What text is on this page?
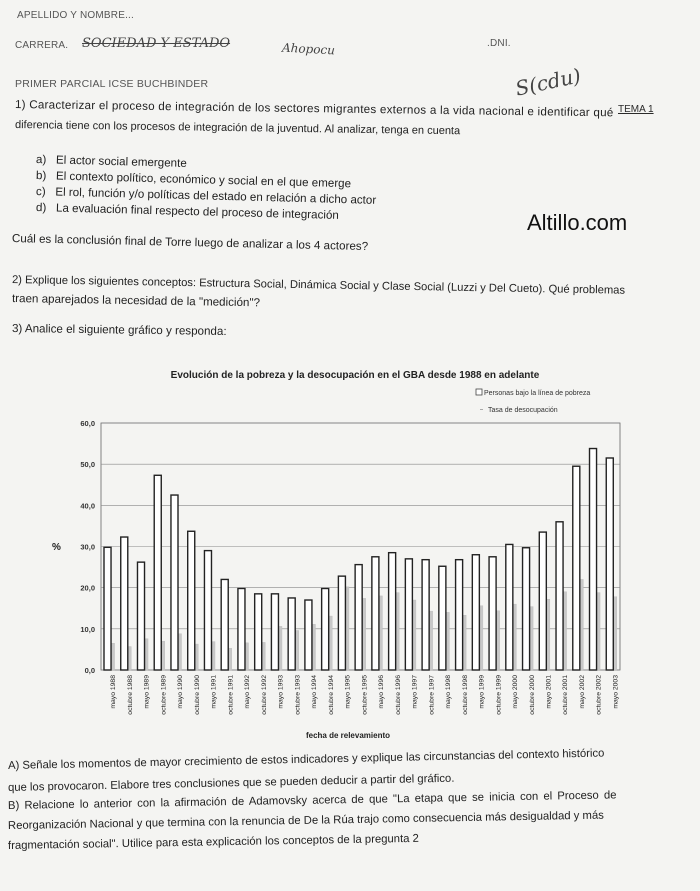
APELLIDO Y NOMBRE...
CARRERA. SOCIEDAD Y ESTADO	Ahopocu	.DNI.
PRIMER PARCIAL ICSE BUCHBINDER	S(cdu)
TEMA 1
1) Caracterizar el proceso de integración de los sectores migrantes externos a la vida nacional e identificar qué
diferencia tiene con los procesos de integración de la juventud. Al analizar, tenga en cuenta
a) El actor social emergente
b) El contexto político, económico y social en el que emerge
c) El rol, función y/o políticas del estado en relación a dicho actor
d) La evaluación final respecto del proceso de integración
Cuál es la conclusión final de Torre luego de analizar a los 4 actores?
Altillo.com
2) Explique los siguientes conceptos: Estructura Social, Dinámica Social y Clase Social (Luzzi y Del Cueto). Qué problemas
traen aparejados la necesidad de la "medición"?
3) Analice el siguiente gráfico y responda:
Evolución de la pobreza y la desocupación en el GBA desde 1988 en adelante
Personas bajo la línea de pobreza
Tasa de desocupación
%
fecha de relevamiento
0,0
10,0
20,0
30,0
40,0
50,0
60,0
mayo 1988 octubre 1988 mayo 1989 octubre 1989 mayo 1990 octubre 1990 mayo 1991 octubre 1991 mayo 1992 octubre 1992 mayo 1993 octubre 1993 mayo 1994 octubre 1994 mayo 1995 octubre 1995 mayo 1996 octubre 1996 mayo 1997 octubre 1997 mayo 1998 octubre 1998 mayo 1999 octubre 1999 mayo 2000 octubre 2000 mayo 2001 octubre 2001 mayo 2002 octubre 2002 mayo 2003
A) Señale los momentos de mayor crecimiento de estos indicadores y explique las circunstancias del contexto histórico
que los provocaron. Elabore tres conclusiones que se pueden deducir a partir del gráfico.
B) Relacione lo anterior con la afirmación de Adamovsky acerca de que "La etapa que se inicia con el Proceso de
Reorganización Nacional y que termina con la renuncia de De la Rúa trajo como consecuencia más desigualdad y más
fragmentación social". Utilice para esta explicación los conceptos de la pregunta 2
